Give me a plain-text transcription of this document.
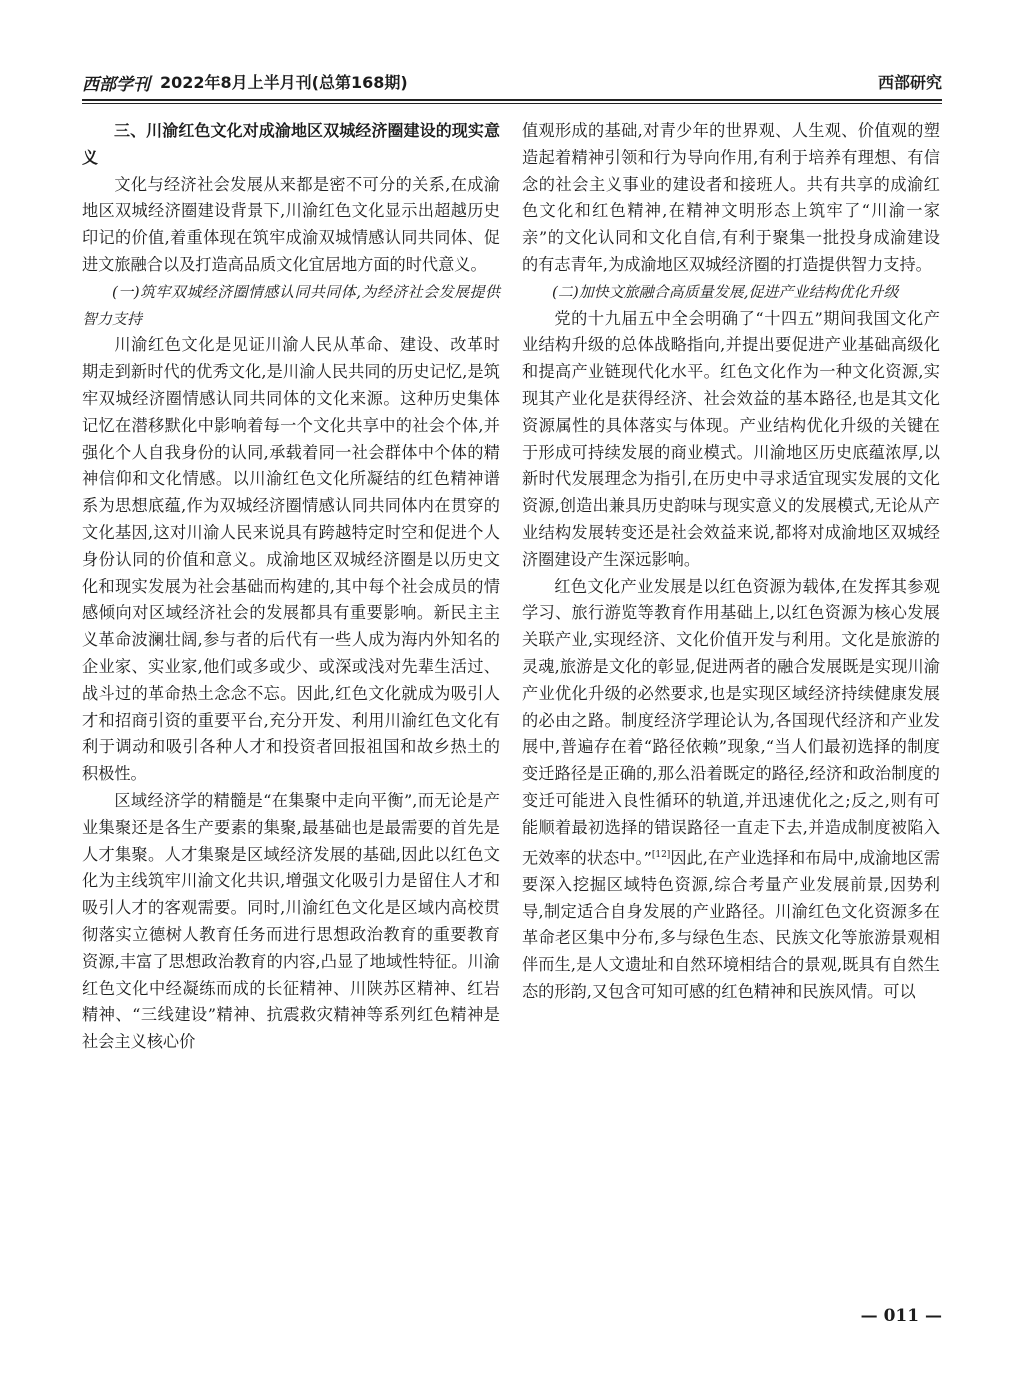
西部学刊 2022年8月上半月刊(总第168期)	西部研究

三、川渝红色文化对成渝地区双城经济圈建设的现实意义

文化与经济社会发展从来都是密不可分的关系,在成渝地区双城经济圈建设背景下,川渝红色文化显示出超越历史印记的价值,着重体现在筑牢成渝双城情感认同共同体、促进文旅融合以及打造高品质文化宜居地方面的时代意义。

(一)筑牢双城经济圈情感认同共同体,为经济社会发展提供智力支持

川渝红色文化是见证川渝人民从革命、建设、改革时期走到新时代的优秀文化,是川渝人民共同的历史记忆,是筑牢双城经济圈情感认同共同体的文化来源。这种历史集体记忆在潜移默化中影响着每一个文化共享中的社会个体,并强化个人自我身份的认同,承载着同一社会群体中个体的精神信仰和文化情感。以川渝红色文化所凝结的红色精神谱系为思想底蕴,作为双城经济圈情感认同共同体内在贯穿的文化基因,这对川渝人民来说具有跨越特定时空和促进个人身份认同的价值和意义。成渝地区双城经济圈是以历史文化和现实发展为社会基础而构建的,其中每个社会成员的情感倾向对区域经济社会的发展都具有重要影响。新民主主义革命波澜壮阔,参与者的后代有一些人成为海内外知名的企业家、实业家,他们或多或少、或深或浅对先辈生活过、战斗过的革命热土念念不忘。因此,红色文化就成为吸引人才和招商引资的重要平台,充分开发、利用川渝红色文化有利于调动和吸引各种人才和投资者回报祖国和故乡热土的积极性。

区域经济学的精髓是“在集聚中走向平衡”,而无论是产业集聚还是各生产要素的集聚,最基础也是最需要的首先是人才集聚。人才集聚是区域经济发展的基础,因此以红色文化为主线筑牢川渝文化共识,增强文化吸引力是留住人才和吸引人才的客观需要。同时,川渝红色文化是区域内高校贯彻落实立德树人教育任务而进行思想政治教育的重要教育资源,丰富了思想政治教育的内容,凸显了地域性特征。川渝红色文化中经凝练而成的长征精神、川陕苏区精神、红岩精神、“三线建设”精神、抗震救灾精神等系列红色精神是社会主义核心价

值观形成的基础,对青少年的世界观、人生观、价值观的塑造起着精神引领和行为导向作用,有利于培养有理想、有信念的社会主义事业的建设者和接班人。共有共享的成渝红色文化和红色精神,在精神文明形态上筑牢了“川渝一家亲”的文化认同和文化自信,有利于聚集一批投身成渝建设的有志青年,为成渝地区双城经济圈的打造提供智力支持。

(二)加快文旅融合高质量发展,促进产业结构优化升级

党的十九届五中全会明确了“十四五”期间我国文化产业结构升级的总体战略指向,并提出要促进产业基础高级化和提高产业链现代化水平。红色文化作为一种文化资源,实现其产业化是获得经济、社会效益的基本路径,也是其文化资源属性的具体落实与体现。产业结构优化升级的关键在于形成可持续发展的商业模式。川渝地区历史底蕴浓厚,以新时代发展理念为指引,在历史中寻求适宜现实发展的文化资源,创造出兼具历史韵味与现实意义的发展模式,无论从产业结构发展转变还是社会效益来说,都将对成渝地区双城经济圈建设产生深远影响。

红色文化产业发展是以红色资源为载体,在发挥其参观学习、旅行游览等教育作用基础上,以红色资源为核心发展关联产业,实现经济、文化价值开发与利用。文化是旅游的灵魂,旅游是文化的彰显,促进两者的融合发展既是实现川渝产业优化升级的必然要求,也是实现区域经济持续健康发展的必由之路。制度经济学理论认为,各国现代经济和产业发展中,普遍存在着“路径依赖”现象,“当人们最初选择的制度变迁路径是正确的,那么沿着既定的路径,经济和政治制度的变迁可能进入良性循环的轨道,并迅速优化之;反之,则有可能顺着最初选择的错误路径一直走下去,并造成制度被陷入无效率的状态中。”[12]因此,在产业选择和布局中,成渝地区需要深入挖掘区域特色资源,综合考量产业发展前景,因势利导,制定适合自身发展的产业路径。川渝红色文化资源多在革命老区集中分布,多与绿色生态、民族文化等旅游景观相伴而生,是人文遗址和自然环境相结合的景观,既具有自然生态的形韵,又包含可知可感的红色精神和民族风情。可以

— 011 —
